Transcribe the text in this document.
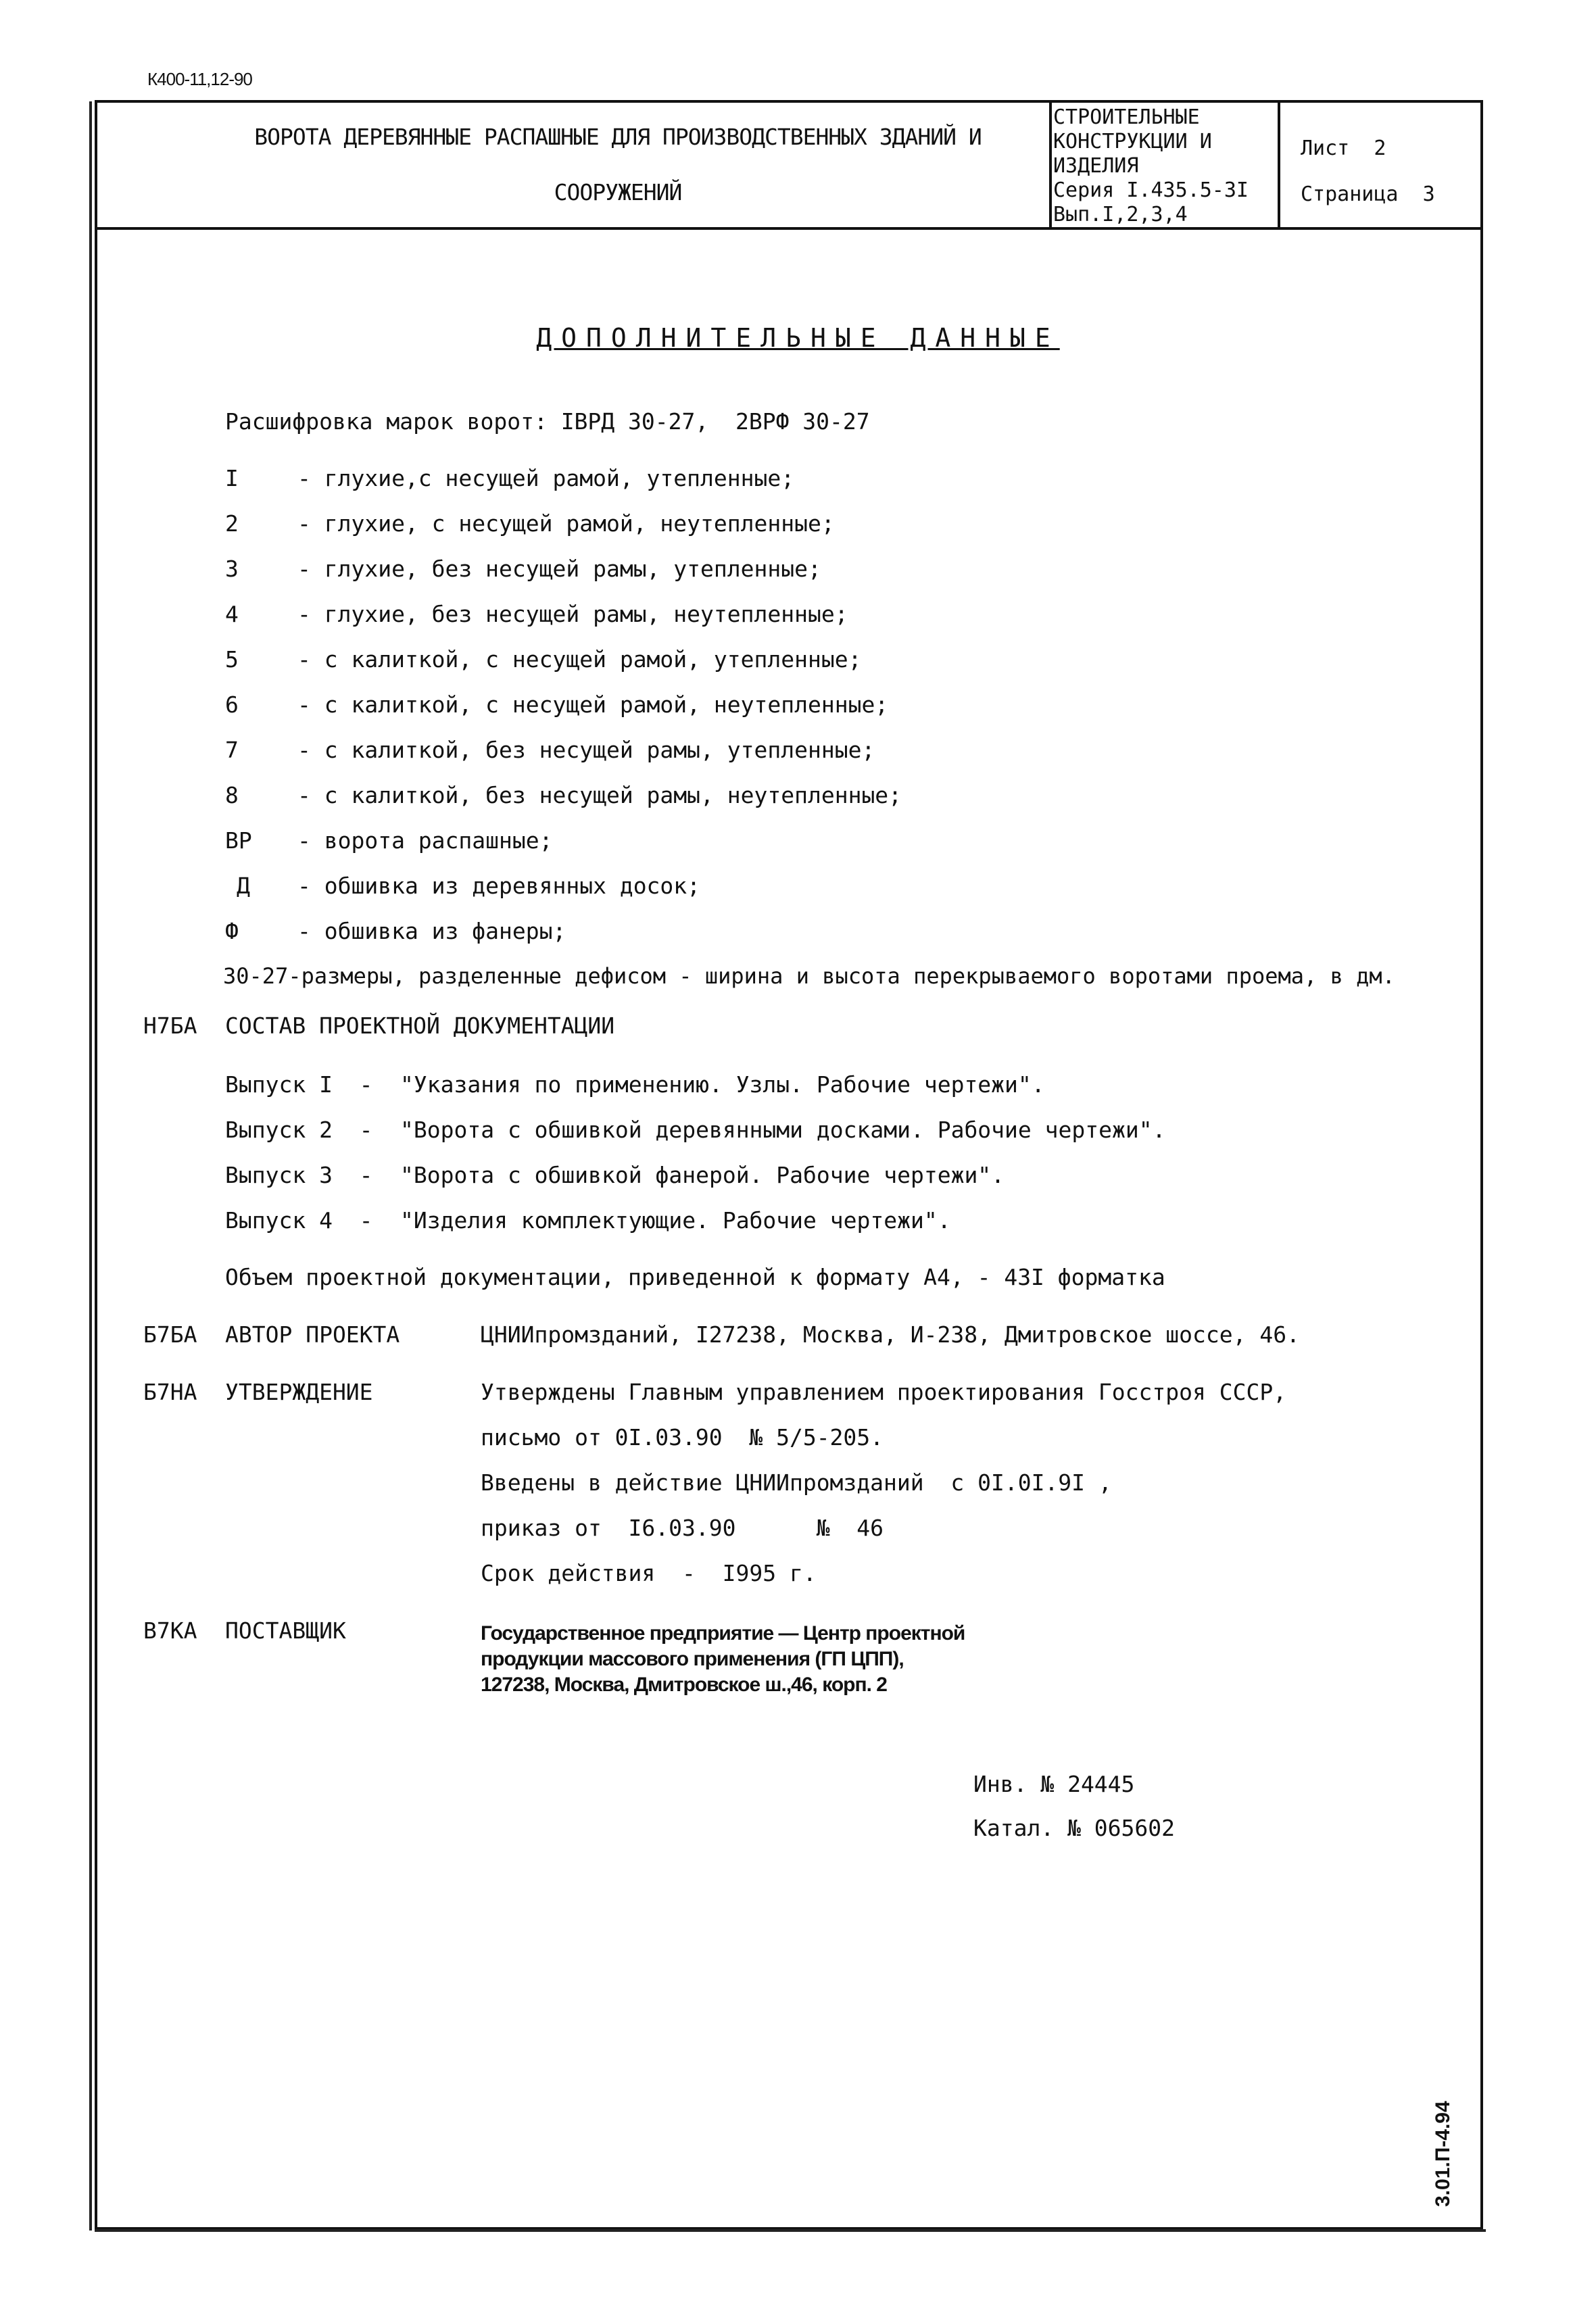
К400-11,12-90
ВОРОТА ДЕРЕВЯННЫЕ РАСПАШНЫЕ ДЛЯ ПРОИЗВОДСТВЕННЫХ ЗДАНИЙ И
СООРУЖЕНИЙ
СТРОИТЕЛЬНЫЕ
КОНСТРУКЦИИ И
ИЗДЕЛИЯ
Серия I.435.5-3I
Вып.I,2,3,4
Лист  2
Страница  3
ДОПОЛНИТЕЛЬНЫЕ ДАННЫЕ
Расшифровка марок ворот: IВРД 30-27,  2ВРФ 30-27
I	- глухие,с несущей рамой, утепленные;
2	- глухие, с несущей рамой, неутепленные;
3	- глухие, без несущей рамы, утепленные;
4	- глухие, без несущей рамы, неутепленные;
5	- с калиткой, с несущей рамой, утепленные;
6	- с калиткой, с несущей рамой, неутепленные;
7	- с калиткой, без несущей рамы, утепленные;
8	- с калиткой, без несущей рамы, неутепленные;
ВР - ворота распашные;
Д - обшивка из деревянных досок;
Ф	- обшивка из фанеры;
30-27-размеры, разделенные дефисом - ширина и высота перекрываемого воротами проема, в дм.
Н7БА СОСТАВ ПРОЕКТНОЙ ДОКУМЕНТАЦИИ
Выпуск I  - "Указания по применению. Узлы. Рабочие чертежи".
Выпуск 2  - "Ворота с обшивкой деревянными досками. Рабочие чертежи".
Выпуск 3  - "Ворота с обшивкой фанерой. Рабочие чертежи".
Выпуск 4  - "Изделия комплектующие. Рабочие чертежи".
Объем проектной документации, приведенной к формату А4, - 43I форматка
Б7БА АВТОР ПРОЕКТА	ЦНИИпромзданий, I27238, Москва, И-238, Дмитровское шоссе, 46.
Б7НА УТВЕРЖДЕНИЕ	Утверждены Главным управлением проектирования Госстроя СССР,
письмо от 0I.03.90  № 5/5-205.
Введены в действие ЦНИИпромзданий  с 0I.0I.9I ,
приказ от  I6.03.90      №  46
Срок действия  -  I995 г.
В7КА ПОСТАВЩИК	Государственное предприятие — Центр проектной
продукции массового применения (ГП ЦПП),
127238, Москва, Дмитровское ш.,46, корп. 2
Инв. № 24445
Катал. № 065602
3.01.П-4.94
